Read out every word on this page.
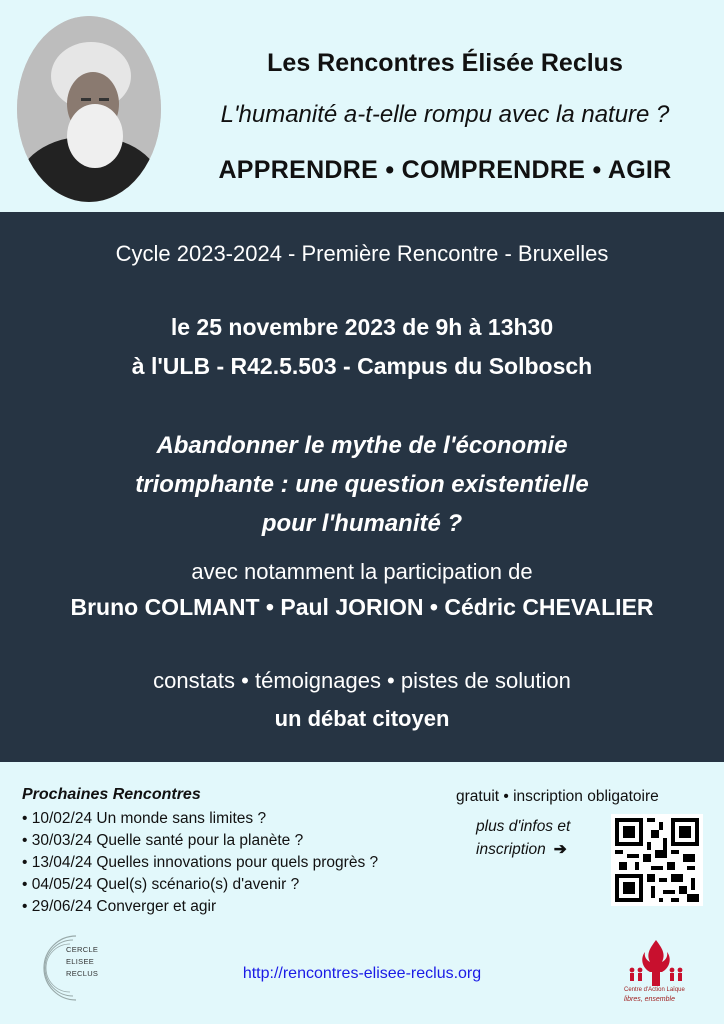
Les Rencontres Élisée Reclus
L'humanité a-t-elle rompu avec la nature ?
APPRENDRE • COMPRENDRE • AGIR
Cycle 2023-2024 - Première Rencontre - Bruxelles
le 25 novembre 2023 de 9h à 13h30
à l'ULB - R42.5.503 - Campus du Solbosch
Abandonner le mythe de l'économie
triomphante : une question existentielle
pour l'humanité ?
avec notamment la participation de
Bruno COLMANT • Paul JORION • Cédric CHEVALIER
constats • témoignages • pistes de solution
un débat citoyen
Prochaines Rencontres
• 10/02/24 Un monde sans limites ?
• 30/03/24 Quelle santé pour la planète ?
• 13/04/24 Quelles innovations pour quels progrès ?
• 04/05/24 Quel(s) scénario(s) d'avenir ?
• 29/06/24 Converger et agir
gratuit • inscription obligatoire
plus d'infos et
inscription ➔
CERCLE
ELISEE
RECLUS	http://rencontres-elisee-reclus.org
Centre d'Action Laïque
libres, ensemble
